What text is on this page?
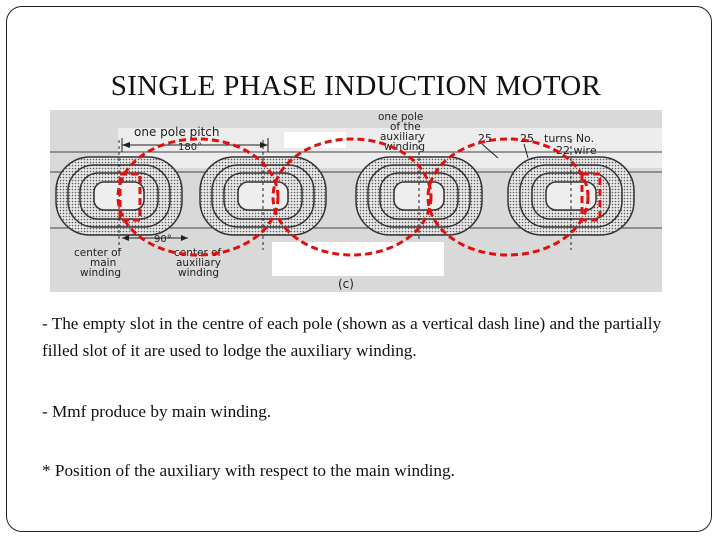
SINGLE PHASE INDUCTION MOTOR
one pole pitch
180°
one pole
of the
auxiliary
winding
25	25 turns No.
22 wire
90°
center of
main
winding
center of
auxiliary
winding
(c)
- The empty slot in the centre of each pole (shown as a vertical dash line) and the partially filled slot of it are used to lodge the auxiliary winding.
- Mmf produce by main winding.
* Position of the auxiliary with respect to the main winding.
